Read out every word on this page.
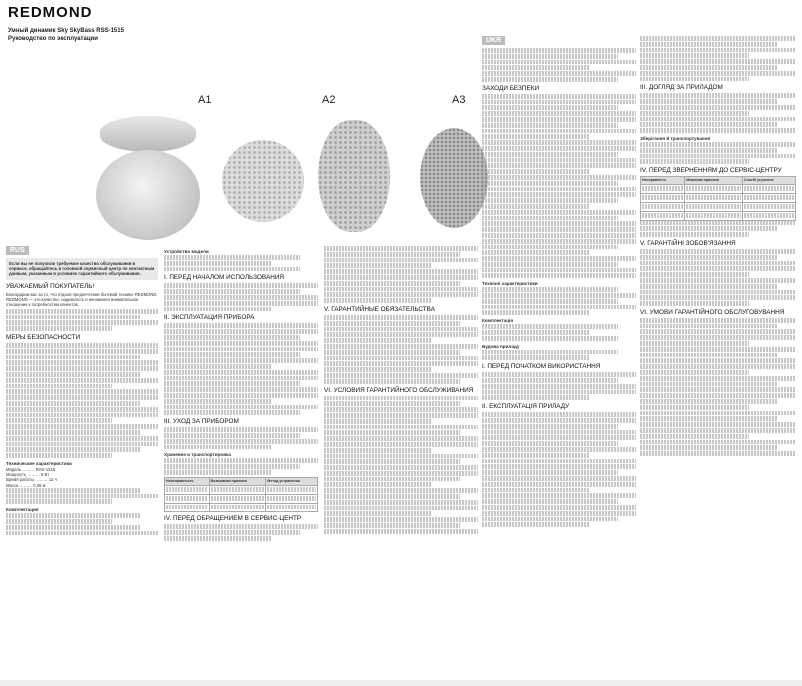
REDMOND
Умный динамик Sky SkyBass RSS-1515
Руководство по эксплуатации
A1	A2	A3
RUS
Если вы не получили требуемое качество обслуживания в сервисе, обращайтесь в головной сервисный центр по контактным данным, указанным в условиях гарантийного обслуживания.
УВАЖАЕМЫЙ ПОКУПАТЕЛЬ!

Благодарим вас за то, что отдали предпочтение бытовой технике REDMOND. REDMOND — это качество, надежность и неизменно внимательное отношение к потребностям клиентов.

МЕРЫ БЕЗОПАСНОСТИ
Технические характеристики
Модель ……… RSS-1515
Мощность ……… 6 Вт
Время работы ……… 12 ч
Масса ……… 0,35 кг
Комплектация
Устройство модели
I. ПЕРЕД НАЧАЛОМ ИСПОЛЬЗОВАНИЯ
II. ЭКСПЛУАТАЦИЯ ПРИБОРА
III. УХОД ЗА ПРИБОРОМ
Хранение и транспортировка
Неисправность	Возможная причина	Метод устранения

IV. ПЕРЕД ОБРАЩЕНИЕМ В СЕРВИС-ЦЕНТР
V. ГАРАНТИЙНЫЕ ОБЯЗАТЕЛЬСТВА
VI. УСЛОВИЯ ГАРАНТИЙНОГО ОБСЛУЖИВАНИЯ
UKR
ЗАХОДИ БЕЗПЕКИ
Технічні характеристики
Комплектація
Будова приладу
I. ПЕРЕД ПОЧАТКОМ ВИКОРИСТАННЯ
II. ЕКСПЛУАТАЦІЯ ПРИЛАДУ
III. ДОГЛЯД ЗА ПРИЛАДОМ
Зберігання й транспортування
IV. ПЕРЕД ЗВЕРНЕННЯМ ДО СЕРВІС-ЦЕНТРУ
Несправність	Можлива причина	Спосіб усунення

V. ГАРАНТІЙНІ ЗОБОВ'ЯЗАННЯ
VI. УМОВИ ГАРАНТІЙНОГО ОБСЛУГОВУВАННЯ
